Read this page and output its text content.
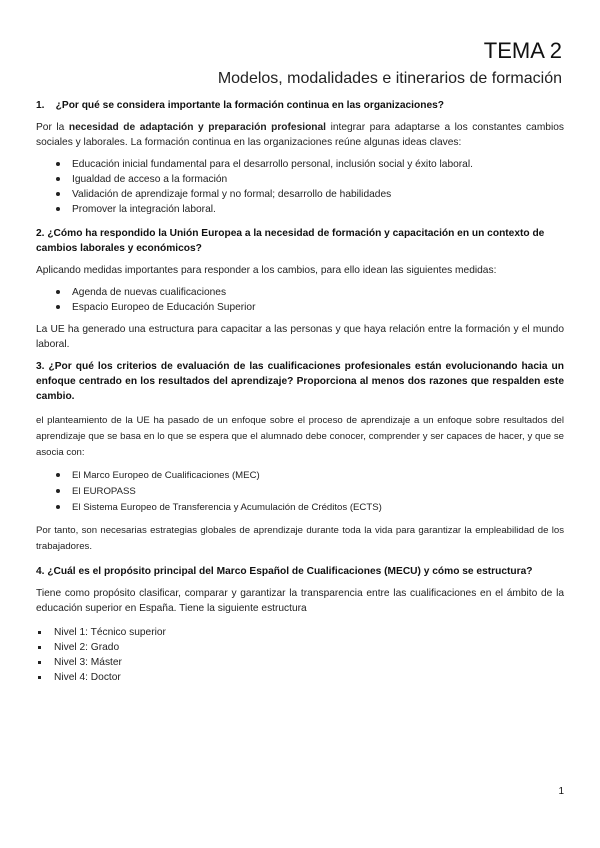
TEMA 2
Modelos, modalidades e itinerarios de formación

1. ¿Por qué se considera importante la formación continua en las organizaciones?

Por la necesidad de adaptación y preparación profesional integrar para adaptarse a los constantes cambios sociales y laborales. La formación continua en las organizaciones reúne algunas ideas claves:

Educación inicial fundamental para el desarrollo personal, inclusión social y éxito laboral.
Igualdad de acceso a la formación
Validación de aprendizaje formal y no formal; desarrollo de habilidades
Promover la integración laboral.

2. ¿Cómo ha respondido la Unión Europea a la necesidad de formación y capacitación en un contexto de cambios laborales y económicos?

Aplicando medidas importantes para responder a los cambios, para ello idean las siguientes medidas:

Agenda de nuevas cualificaciones
Espacio Europeo de Educación Superior

La UE ha generado una estructura para capacitar a las personas y que haya relación entre la formación y el mundo laboral.

3. ¿Por qué los criterios de evaluación de las cualificaciones profesionales están evolucionando hacia un enfoque centrado en los resultados del aprendizaje? Proporciona al menos dos razones que respalden este cambio.

el planteamiento de la UE ha pasado de un enfoque sobre el proceso de aprendizaje a un enfoque sobre resultados del aprendizaje que se basa en lo que se espera que el alumnado debe conocer, comprender y ser capaces de hacer, y que se asocia con:

El Marco Europeo de Cualificaciones (MEC)
El EUROPASS
El Sistema Europeo de Transferencia y Acumulación de Créditos (ECTS)

Por tanto, son necesarias estrategias globales de aprendizaje durante toda la vida para garantizar la empleabilidad de los trabajadores.

4. ¿Cuál es el propósito principal del Marco Español de Cualificaciones (MECU) y cómo se estructura?

Tiene como propósito clasificar, comparar y garantizar la transparencia entre las cualificaciones en el ámbito de la educación superior en España. Tiene la siguiente estructura

Nivel 1: Técnico superior
Nivel 2: Grado
Nivel 3: Máster
Nivel 4: Doctor
1
